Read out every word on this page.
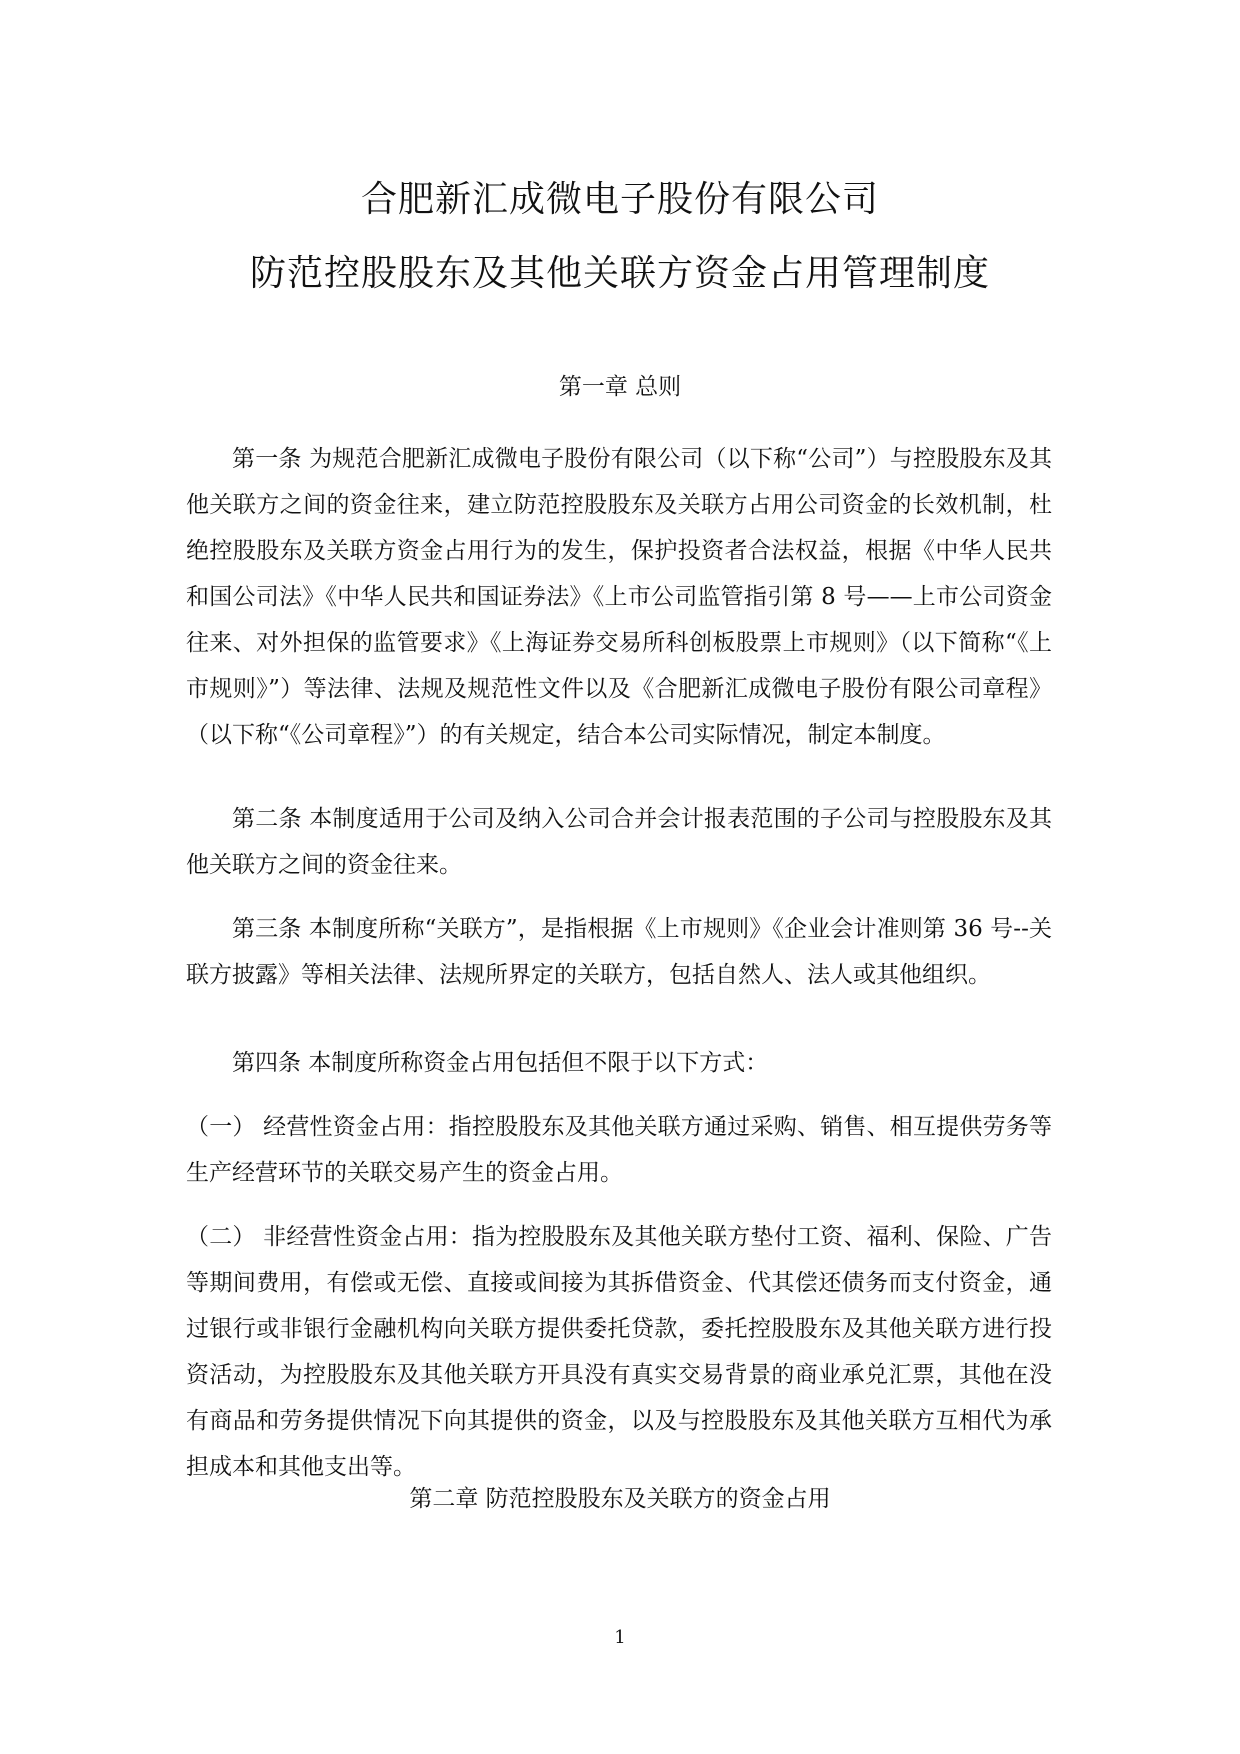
合肥新汇成微电子股份有限公司
防范控股股东及其他关联方资金占用管理制度
第一章 总则

第一条 为规范合肥新汇成微电子股份有限公司（以下称“公司”）与控股股东及其他关联方之间的资金往来，建立防范控股股东及关联方占用公司资金的长效机制，杜绝控股股东及关联方资金占用行为的发生，保护投资者合法权益，根据《中华人民共和国公司法》《中华人民共和国证券法》《上市公司监管指引第 8 号——上市公司资金往来、对外担保的监管要求》《上海证券交易所科创板股票上市规则》（以下简称“《上市规则》”）等法律、法规及规范性文件以及《合肥新汇成微电子股份有限公司章程》（以下称“《公司章程》”）的有关规定，结合本公司实际情况，制定本制度。

第二条 本制度适用于公司及纳入公司合并会计报表范围的子公司与控股股东及其他关联方之间的资金往来。

第三条 本制度所称“关联方”，是指根据《上市规则》《企业会计准则第 36 号--关联方披露》等相关法律、法规所界定的关联方，包括自然人、法人或其他组织。

第四条 本制度所称资金占用包括但不限于以下方式：

（一） 经营性资金占用：指控股股东及其他关联方通过采购、销售、相互提供劳务等生产经营环节的关联交易产生的资金占用。

（二） 非经营性资金占用：指为控股股东及其他关联方垫付工资、福利、保险、广告等期间费用，有偿或无偿、直接或间接为其拆借资金、代其偿还债务而支付资金，通过银行或非银行金融机构向关联方提供委托贷款，委托控股股东及其他关联方进行投资活动，为控股股东及其他关联方开具没有真实交易背景的商业承兑汇票，其他在没有商品和劳务提供情况下向其提供的资金，以及与控股股东及其他关联方互相代为承担成本和其他支出等。

第二章 防范控股股东及关联方的资金占用
1
